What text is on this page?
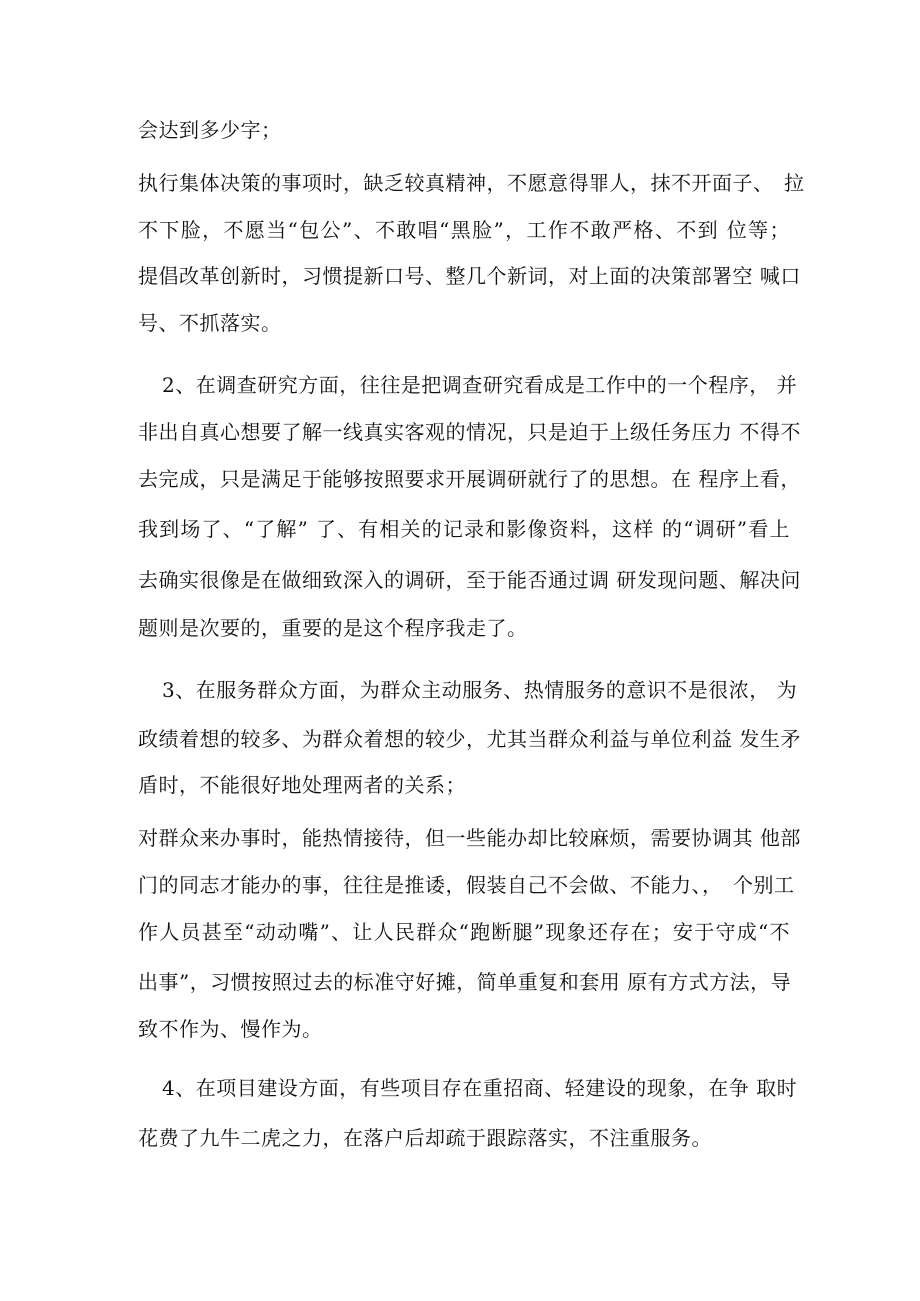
会达到多少字；
执行集体决策的事项时，缺乏较真精神，不愿意得罪人，抹不开面子、　拉
不下脸，不愿当“包公”、不敢唱“黑脸”，工作不敢严格、不到 位等；
提倡改革创新时，习惯提新口号、整几个新词，对上面的决策部署空 喊口
号、不抓落实。
2、在调查研究方面，往往是把调查研究看成是工作中的一个程序， 并
非出自真心想要了解一线真实客观的情况，只是迫于上级任务压力 不得不
去完成，只是满足于能够按照要求开展调研就行了的思想。在 程序上看，
我到场了、“了解” 了、有相关的记录和影像资料，这样 的“调研”看上
去确实很像是在做细致深入的调研，至于能否通过调 研发现问题、解决问
题则是次要的，重要的是这个程序我走了。
3、在服务群众方面，为群众主动服务、热情服务的意识不是很浓， 为
政绩着想的较多、为群众着想的较少，尤其当群众利益与单位利益 发生矛
盾时，不能很好地处理两者的关系；
对群众来办事时，能热情接待，但一些能办却比较麻烦，需要协调其 他部
门的同志才能办的事，往往是推诿，假装自己不会做、不能力、，　个别工
作人员甚至“动动嘴”、让人民群众“跑断腿”现象还存在；安于守成“不
出事”，习惯按照过去的标准守好摊，简单重复和套用 原有方式方法，导
致不作为、慢作为。
4、在项目建设方面，有些项目存在重招商、轻建设的现象，在争 取时
花费了九牛二虎之力，在落户后却疏于跟踪落实，不注重服务。
